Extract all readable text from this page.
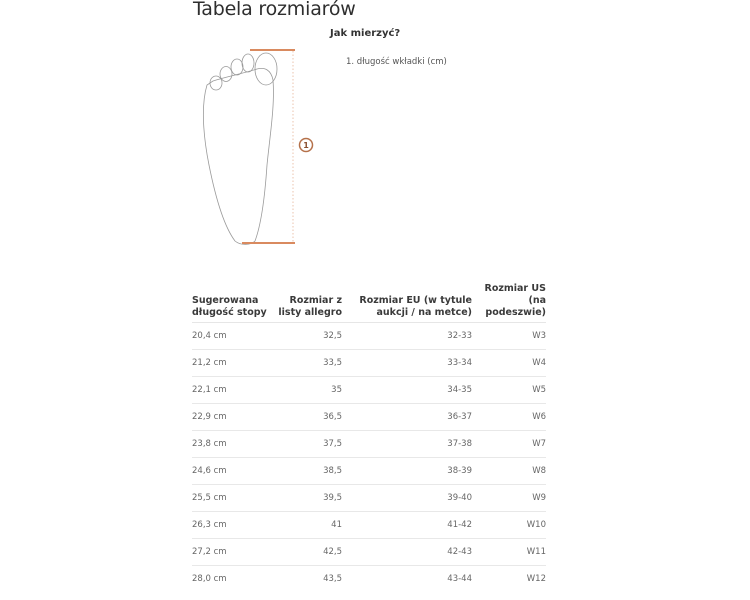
Tabela rozmiarów
Jak mierzyć?
1. długość wkładki (cm)
1
Sugerowana
długość stopy

Rozmiar z
listy allegro

Rozmiar EU (w tytule
aukcji / na metce)

Rozmiar US (na
podeszwie)

20,4 cm	32,5	32-33	W3
21,2 cm	33,5	33-34	W4
22,1 cm	35	34-35	W5
22,9 cm	36,5	36-37	W6
23,8 cm	37,5	37-38	W7
24,6 cm	38,5	38-39	W8
25,5 cm	39,5	39-40	W9
26,3 cm	41	41-42	W10
27,2 cm	42,5	42-43	W11
28,0 cm	43,5	43-44	W12
